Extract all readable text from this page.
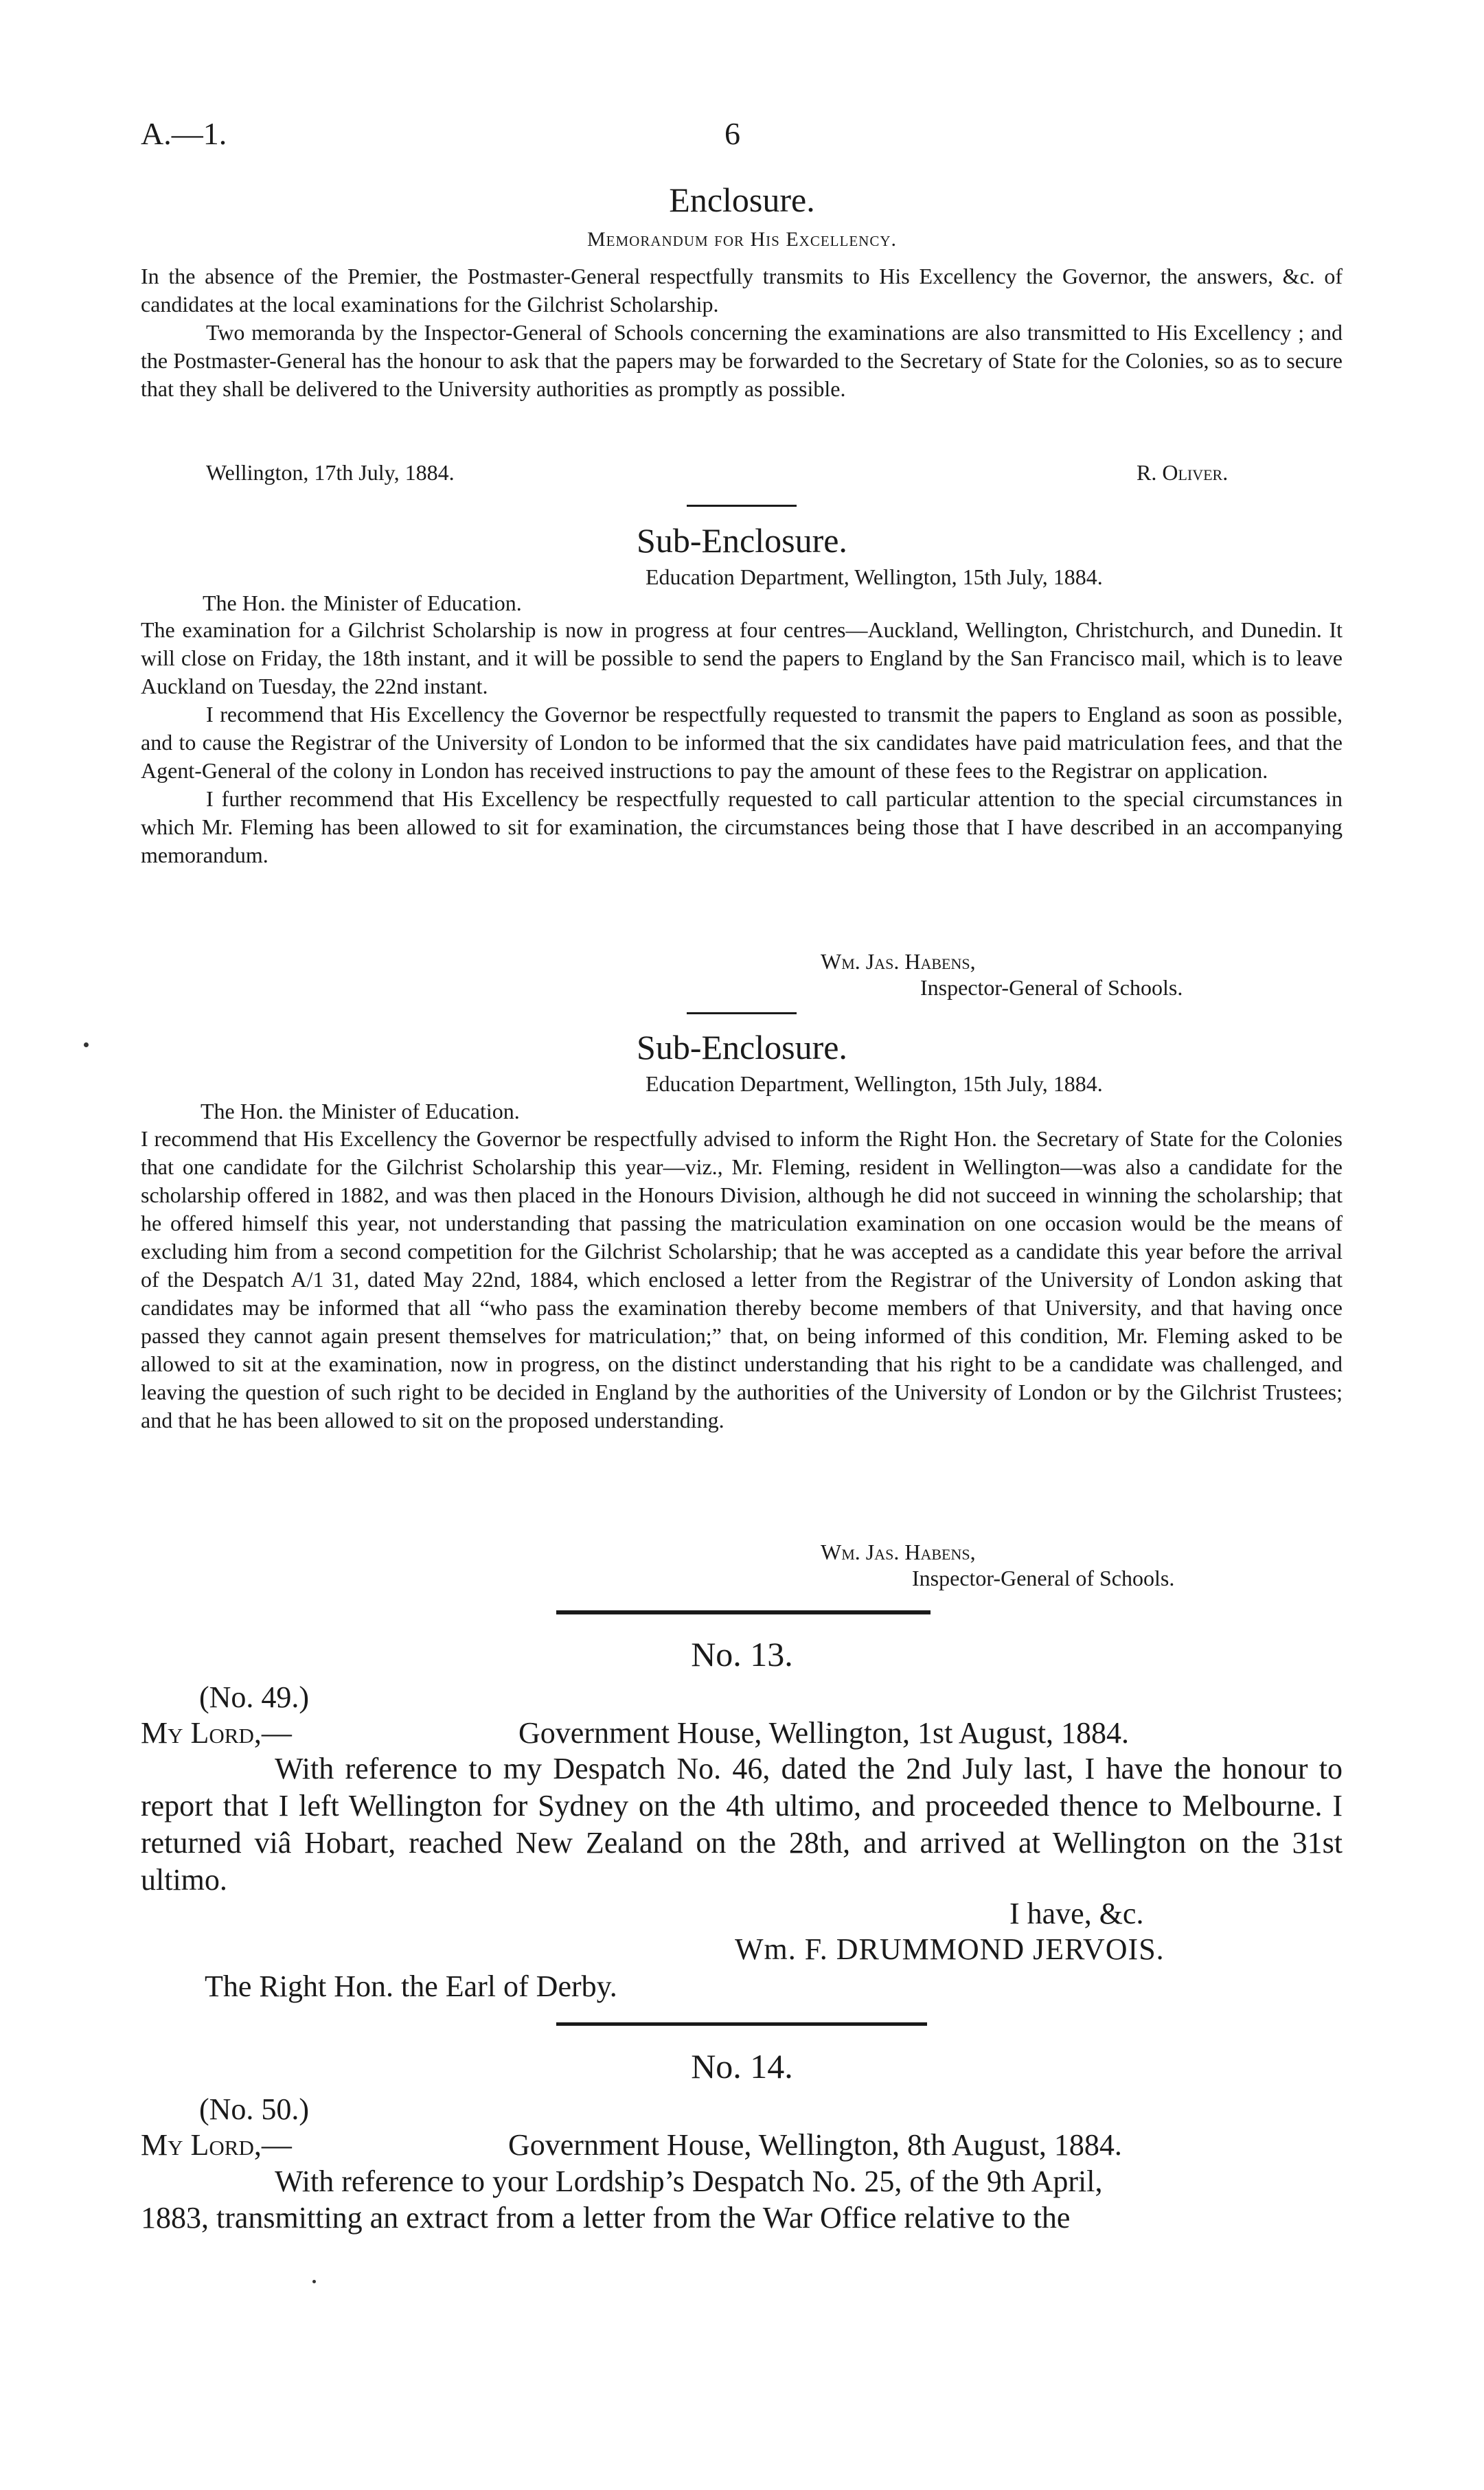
A.—1.	6
Enclosure.
Memorandum for His Excellency.
In the absence of the Premier, the Postmaster-General respectfully transmits to His Excellency the Governor, the answers, &c. of candidates at the local examinations for the Gilchrist Scholarship.
Two memoranda by the Inspector-General of Schools concerning the examinations are also transmitted to His Excellency ; and the Postmaster-General has the honour to ask that the papers may be forwarded to the Secretary of State for the Colonies, so as to secure that they shall be delivered to the University authorities as promptly as possible.
Wellington, 17th July, 1884.	R. Oliver.
Sub-Enclosure.
Education Department, Wellington, 15th July, 1884.
The Hon. the Minister of Education.
The examination for a Gilchrist Scholarship is now in progress at four centres—Auckland, Wellington, Christchurch, and Dunedin. It will close on Friday, the 18th instant, and it will be possible to send the papers to England by the San Francisco mail, which is to leave Auckland on Tuesday, the 22nd instant.
I recommend that His Excellency the Governor be respectfully requested to transmit the papers to England as soon as possible, and to cause the Registrar of the University of London to be informed that the six candidates have paid matriculation fees, and that the Agent-General of the colony in London has received instructions to pay the amount of these fees to the Registrar on application.
I further recommend that His Excellency be respectfully requested to call particular attention to the special circumstances in which Mr. Fleming has been allowed to sit for examination, the circumstances being those that I have described in an accompanying memorandum.
Wm. Jas. Habens,
Inspector-General of Schools.
Sub-Enclosure.
Education Department, Wellington, 15th July, 1884.
The Hon. the Minister of Education.
I recommend that His Excellency the Governor be respectfully advised to inform the Right Hon. the Secretary of State for the Colonies that one candidate for the Gilchrist Scholarship this year—viz., Mr. Fleming, resident in Wellington—was also a candidate for the scholarship offered in 1882, and was then placed in the Honours Division, although he did not succeed in winning the scholarship; that he offered himself this year, not understanding that passing the matriculation examination on one occasion would be the means of excluding him from a second competition for the Gilchrist Scholarship; that he was accepted as a candidate this year before the arrival of the Despatch A/1 31, dated May 22nd, 1884, which enclosed a letter from the Registrar of the University of London asking that candidates may be informed that all “who pass the examination thereby become members of that University, and that having once passed they cannot again present themselves for matriculation;” that, on being informed of this condition, Mr. Fleming asked to be allowed to sit at the examination, now in progress, on the distinct understanding that his right to be a candidate was challenged, and leaving the question of such right to be decided in England by the authorities of the University of London or by the Gilchrist Trustees; and that he has been allowed to sit on the proposed understanding.
Wm. Jas. Habens,
Inspector-General of Schools.
No. 13.
(No. 49.)
My Lord,—	Government House, Wellington, 1st August, 1884.
With reference to my Despatch No. 46, dated the 2nd July last, I have the honour to report that I left Wellington for Sydney on the 4th ultimo, and proceeded thence to Melbourne. I returned viâ Hobart, reached New Zealand on the 28th, and arrived at Wellington on the 31st ultimo.
I have, &c.
Wm. F. DRUMMOND JERVOIS.
The Right Hon. the Earl of Derby.
No. 14.
(No. 50.)
My Lord,—	Government House, Wellington, 8th August, 1884.
With reference to your Lordship’s Despatch No. 25, of the 9th April,
1883, transmitting an extract from a letter from the War Office relative to the
